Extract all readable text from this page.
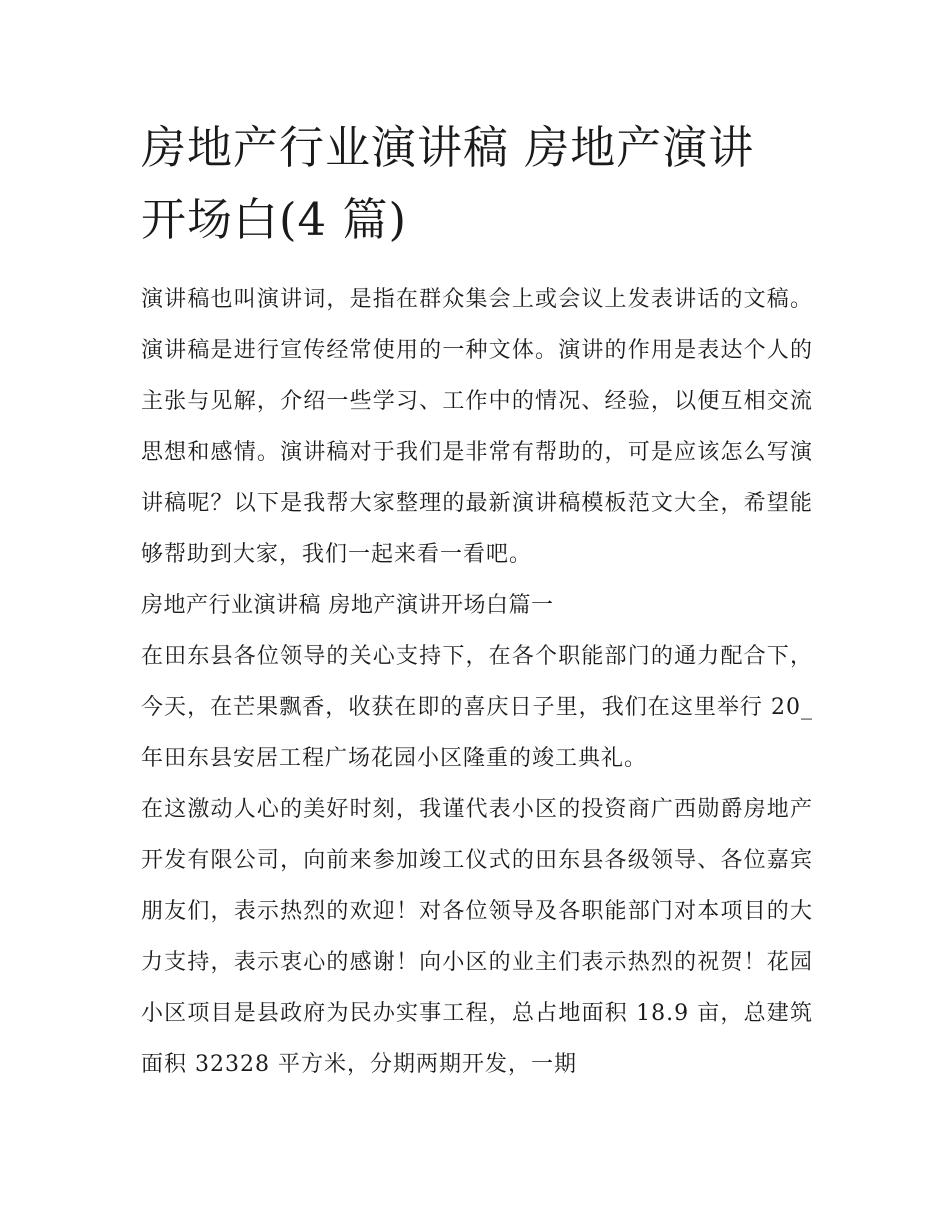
房地产行业演讲稿 房地产演讲
开场白(4 篇)

演讲稿也叫演讲词，是指在群众集会上或会议上发表讲话的文稿。演讲稿是进行宣传经常使用的一种文体。演讲的作用是表达个人的主张与见解，介绍一些学习、工作中的情况、经验，以便互相交流思想和感情。演讲稿对于我们是非常有帮助的，可是应该怎么写演讲稿呢？以下是我帮大家整理的最新演讲稿模板范文大全，希望能够帮助到大家，我们一起来看一看吧。

房地产行业演讲稿 房地产演讲开场白篇一

在田东县各位领导的关心支持下，在各个职能部门的通力配合下，今天，在芒果飘香，收获在即的喜庆日子里，我们在这里举行 20_年田东县安居工程广场花园小区隆重的竣工典礼。

在这激动人心的美好时刻，我谨代表小区的投资商广西勋爵房地产开发有限公司，向前来参加竣工仪式的田东县各级领导、各位嘉宾朋友们，表示热烈的欢迎！对各位领导及各职能部门对本项目的大力支持，表示衷心的感谢！向小区的业主们表示热烈的祝贺！花园小区项目是县政府为民办实事工程，总占地面积 18.9 亩，总建筑面积 32328 平方米，分期两期开发，一期
